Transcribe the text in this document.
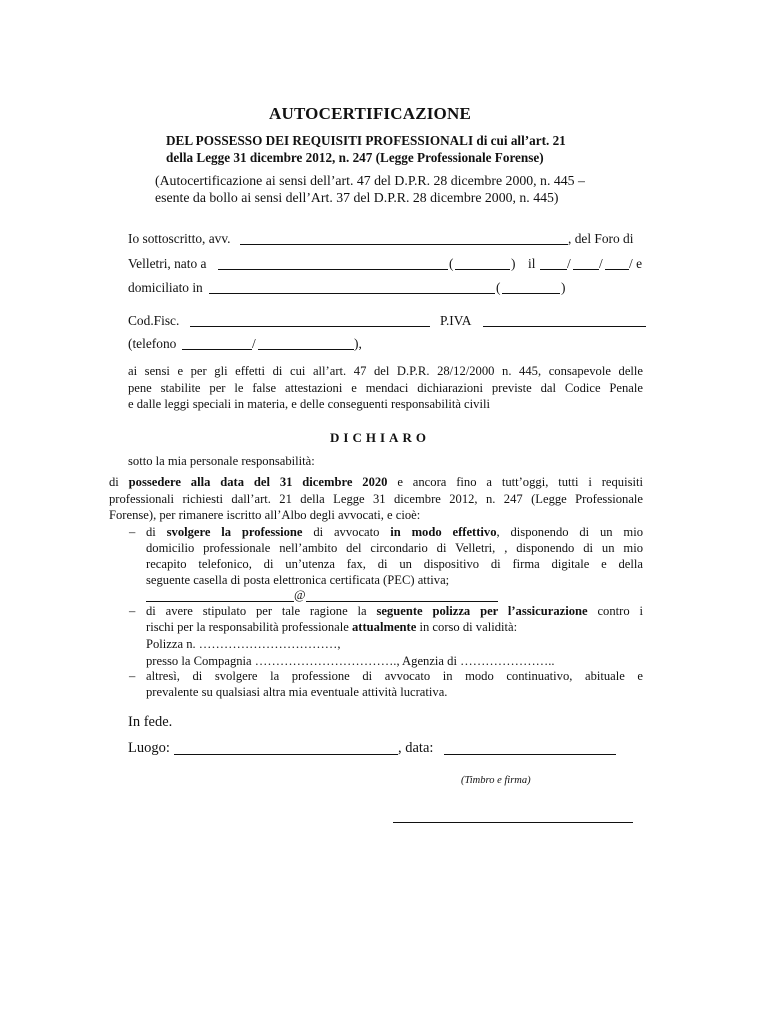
AUTOCERTIFICAZIONE
DEL POSSESSO DEI REQUISITI PROFESSIONALI di cui all’art. 21
della Legge 31 dicembre 2012, n. 247 (Legge Professionale Forense)
(Autocertificazione ai sensi dell’art. 47 del D.P.R. 28 dicembre 2000, n. 445 –
esente da bollo ai sensi dell’Art. 37 del D.P.R. 28 dicembre 2000, n. 445)
Io sottoscritto, avv.	, del Foro di
Velletri, nato a	(	) il / / / e
domiciliato in	(	)
Cod.Fisc.	P.IVA
(telefono	/	),
ai sensi e per gli effetti di cui all’art. 47 del D.P.R. 28/12/2000 n. 445, consapevole delle
pene stabilite per le false attestazioni e mendaci dichiarazioni previste dal Codice Penale
e dalle leggi speciali in materia, e delle conseguenti responsabilità civili
DICHIARO
sotto la mia personale responsabilità:
di possedere alla data del 31 dicembre 2020 e ancora fino a tutt’oggi, tutti i requisiti
professionali richiesti dall’art. 21 della Legge 31 dicembre 2012, n. 247 (Legge Professionale
Forense), per rimanere iscritto all’Albo degli avvocati, e cioè:
– di svolgere la professione di avvocato in modo effettivo, disponendo di un mio
domicilio professionale nell’ambito del circondario di Velletri, , disponendo di un mio
recapito telefonico, di un’utenza fax, di un dispositivo di firma digitale e della
seguente casella di posta elettronica certificata (PEC) attiva;
@
– di avere stipulato per tale ragione la seguente polizza per l’assicurazione contro i
rischi per la responsabilità professionale attualmente in corso di validità:
Polizza n. ……………………………,
presso la Compagnia ……………………………., Agenzia di …………………..
– altresì, di svolgere la professione di avvocato in modo continuativo, abituale e
prevalente su qualsiasi altra mia eventuale attività lucrativa.
In fede.
Luogo:	, data:
(Timbro e firma)
